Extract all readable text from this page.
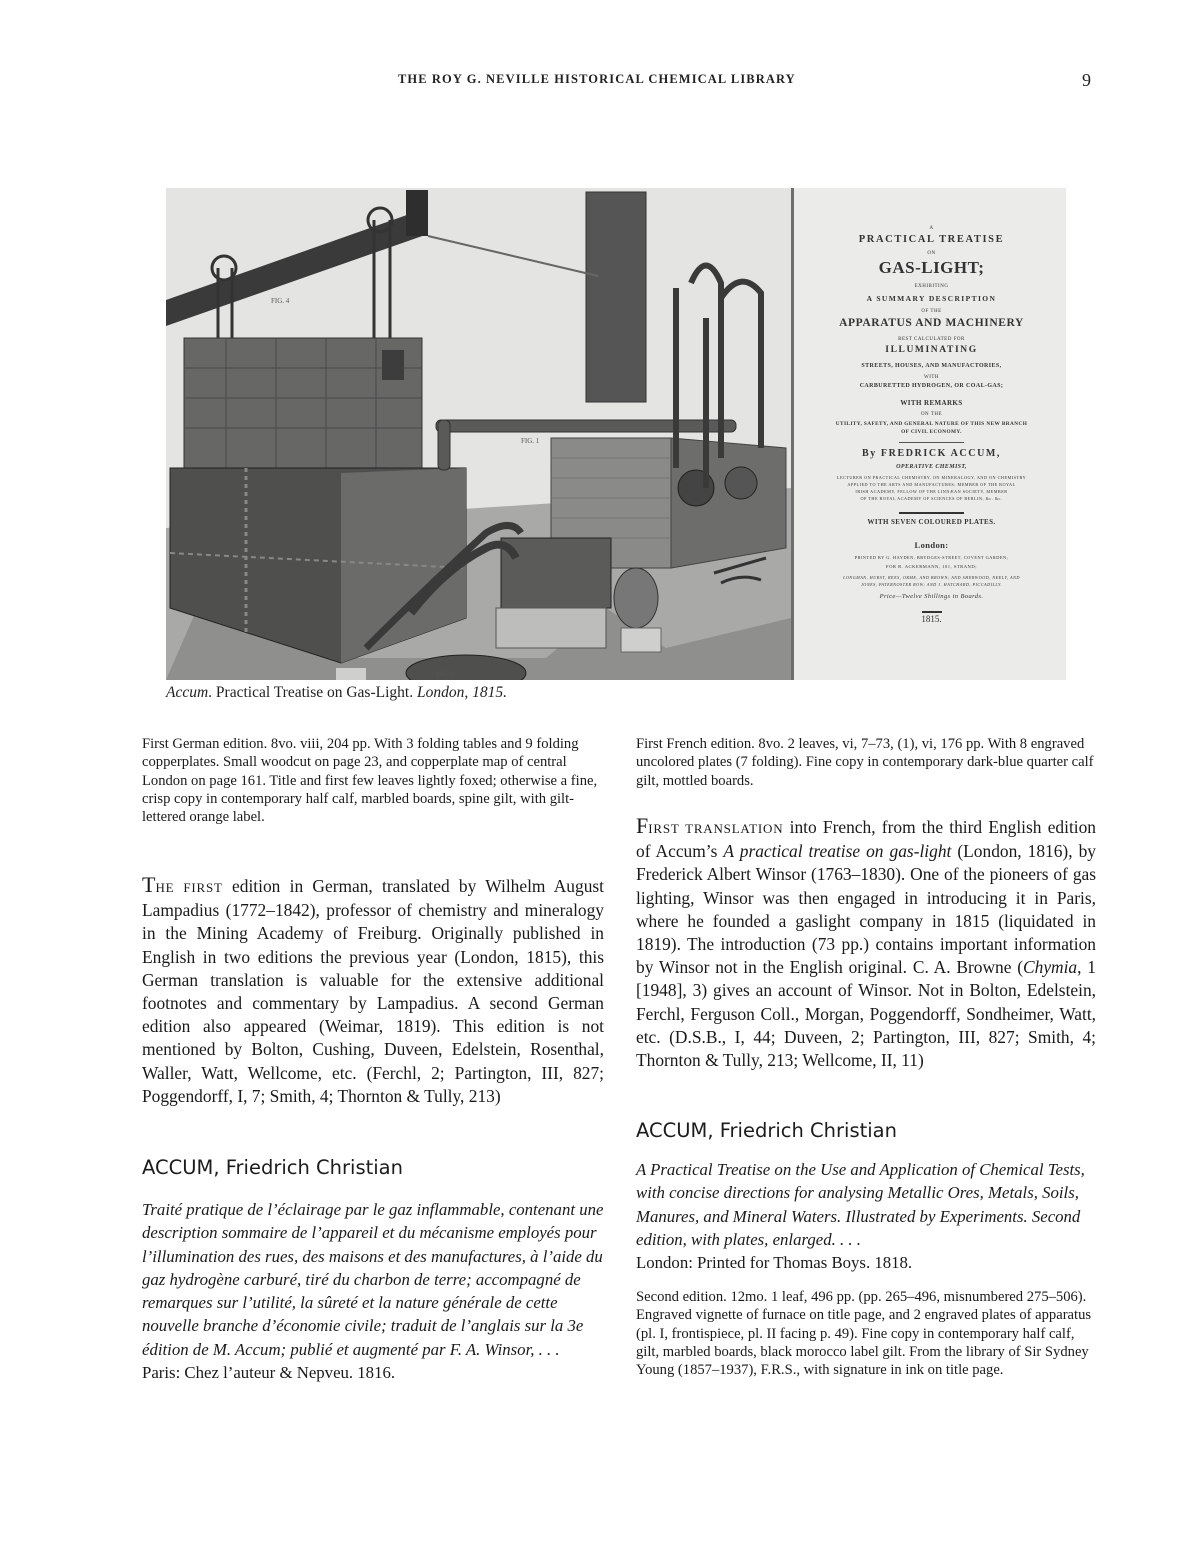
THE ROY G. NEVILLE HISTORICAL CHEMICAL LIBRARY	9
FIG. 4
FIG. 1
FIG. 2
A
PRACTICAL TREATISE
ON
GAS-LIGHT;
EXHIBITING
A SUMMARY DESCRIPTION
OF THE
APPARATUS AND MACHINERY
BEST CALCULATED FOR
ILLUMINATING
STREETS, HOUSES, AND MANUFACTORIES,
WITH
CARBURETTED HYDROGEN, OR COAL-GAS;
WITH REMARKS
ON THE
UTILITY, SAFETY, AND GENERAL NATURE OF THIS NEW BRANCH
OF CIVIL ECONOMY.
By FREDRICK ACCUM,
OPERATIVE CHEMIST,
LECTURER ON PRACTICAL CHEMISTRY, ON MINERALOGY, AND ON CHEMISTRY
APPLIED TO THE ARTS AND MANUFACTURES; MEMBER OF THE ROYAL
IRISH ACADEMY, FELLOW OF THE LINNÆAN SOCIETY, MEMBER
OF THE ROYAL ACADEMY OF SCIENCES OF BERLIN, &c. &c.
WITH SEVEN COLOURED PLATES.
London:
PRINTED BY G. HAYDEN, BRYDGES-STREET, COVENT GARDEN;
FOR R. ACKERMANN, 101, STRAND;
LONGMAN, HURST, REES, ORME, AND BROWN; AND SHERWOOD, NEELY, AND
JONES, PATERNOSTER ROW; AND J. HATCHARD, PICCADILLY.
Price—Twelve Shillings in Boards.
1815.
Accum. Practical Treatise on Gas-Light. London, 1815.

First German edition. 8vo. viii, 204 pp. With 3 folding tables and 9 folding copperplates. Small woodcut on page 23, and copperplate map of central London on page 161. Title and first few leaves lightly foxed; otherwise a fine, crisp copy in contemporary half calf, marbled boards, spine gilt, with gilt-lettered orange label.

THE FIRST edition in German, translated by Wilhelm August Lampadius (1772–1842), professor of chemistry and mineralogy in the Mining Academy of Freiburg. Originally published in English in two editions the previous year (London, 1815), this German translation is valuable for the extensive additional footnotes and commentary by Lampadius. A second German edition also appeared (Weimar, 1819). This edition is not mentioned by Bolton, Cushing, Duveen, Edelstein, Rosenthal, Waller, Watt, Wellcome, etc. (Ferchl, 2; Partington, III, 827; Poggendorff, I, 7; Smith, 4; Thornton & Tully, 213)

ACCUM, Friedrich Christian

Traité pratique de l’éclairage par le gaz inflammable, contenant une description sommaire de l’appareil et du mécanisme employés pour l’illumination des rues, des maisons et des manufactures, à l’aide du gaz hydrogène carburé, tiré du charbon de terre; accompagné de remarques sur l’utilité, la sûreté et la nature générale de cette nouvelle branche d’économie civile; traduit de l’anglais sur la 3e édition de M. Accum; publié et augmenté par F. A. Winsor, . . .

Paris: Chez l’auteur & Nepveu. 1816.

First French edition. 8vo. 2 leaves, vi, 7–73, (1), vi, 176 pp. With 8 engraved uncolored plates (7 folding). Fine copy in contemporary dark-blue quarter calf gilt, mottled boards.

FIRST TRANSLATION into French, from the third English edition of Accum’s A practical treatise on gas-light (London, 1816), by Frederick Albert Winsor (1763–1830). One of the pioneers of gas lighting, Winsor was then engaged in introducing it in Paris, where he founded a gaslight company in 1815 (liquidated in 1819). The introduction (73 pp.) contains important information by Winsor not in the English original. C. A. Browne (Chymia, 1 [1948], 3) gives an account of Winsor. Not in Bolton, Edelstein, Ferchl, Ferguson Coll., Morgan, Poggendorff, Sondheimer, Watt, etc. (D.S.B., I, 44; Duveen, 2; Partington, III, 827; Smith, 4; Thornton & Tully, 213; Wellcome, II, 11)

ACCUM, Friedrich Christian

A Practical Treatise on the Use and Application of Chemical Tests, with concise directions for analysing Metallic Ores, Metals, Soils, Manures, and Mineral Waters. Illustrated by Experiments. Second edition, with plates, enlarged. . . .

London: Printed for Thomas Boys. 1818.

Second edition. 12mo. 1 leaf, 496 pp. (pp. 265–496, misnumbered 275–506). Engraved vignette of furnace on title page, and 2 engraved plates of apparatus (pl. I, frontispiece, pl. II facing p. 49). Fine copy in contemporary half calf, gilt, marbled boards, black morocco label gilt. From the library of Sir Sydney Young (1857–1937), F.R.S., with signature in ink on title page.
